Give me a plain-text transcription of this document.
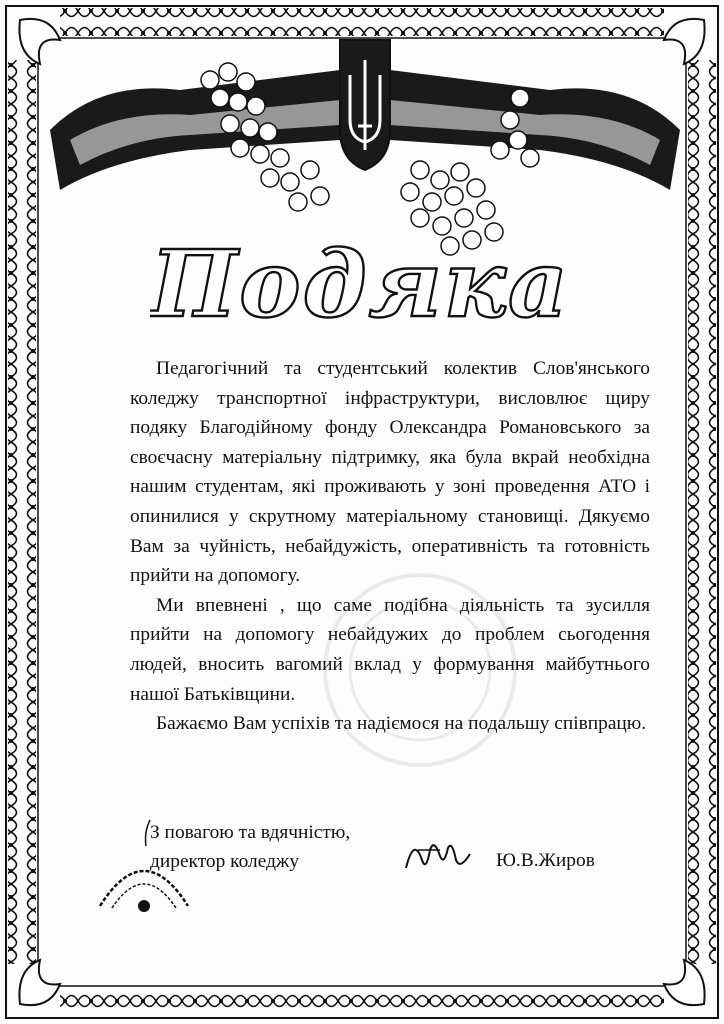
Подяка

Педагогічний та студентський колектив Слов'янського коледжу транспортної інфраструктури, висловлює щиру подяку Благодійному фонду Олександра Романовського за своєчасну матеріальну підтримку, яка була вкрай необхідна нашим студентам, які проживають у зоні проведення АТО і опинилися у скрутному матеріальному становищі. Дякуємо Вам за чуйність, небайдужість, оперативність та готовність прийти на допомогу.

Ми впевнені , що саме подібна діяльність та зусилля прийти на допомогу небайдужих до проблем сьогодення людей, вносить вагомий вклад у формування майбутнього нашої Батьківщини.

Бажаємо Вам успіхів та надіємося на подальшу співпрацю.

З повагою та вдячністю,
директор коледжу	Ю.В.Жиров
